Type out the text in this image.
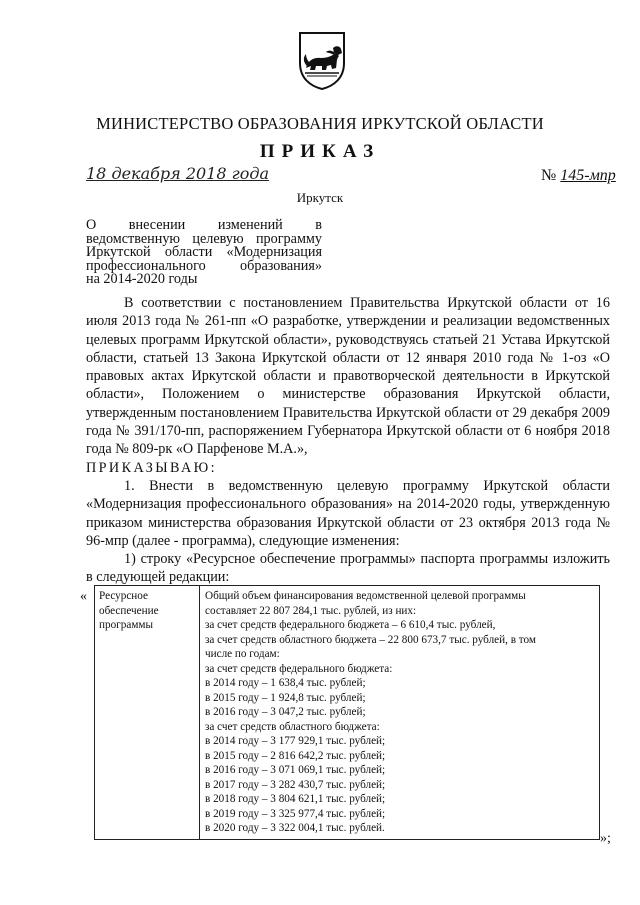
МИНИСТЕРСТВО ОБРАЗОВАНИЯ ИРКУТСКОЙ ОБЛАСТИ
ПРИКАЗ
18 декабря 2018 года	№ 145-мпр
Иркутск
О внесении изменений в
ведомственную целевую программу
Иркутской области «Модернизация
профессионального образования»
на 2014-2020 годы

В соответствии с постановлением Правительства Иркутской области от 16 июля 2013 года № 261-пп «О разработке, утверждении и реализации ведомственных целевых программ Иркутской области», руководствуясь статьей 21 Устава Иркутской области, статьей 13 Закона Иркутской области от 12 января 2010 года № 1-оз «О правовых актах Иркутской области и правотворческой деятельности в Иркутской области», Положением о министерстве образования Иркутской области, утвержденным постановлением Правительства Иркутской области от 29 декабря 2009 года № 391/170-пп, распоряжением Губернатора Иркутской области от 6 ноября 2018 года № 809-рк «О Парфенове М.А.»,

ПРИКАЗЫВАЮ:

1. Внести в ведомственную целевую программу Иркутской области «Модернизация профессионального образования» на 2014-2020 годы, утвержденную приказом министерства образования Иркутской области от 23 октября 2013 года № 96-мпр (далее - программа), следующие изменения:

1) строку «Ресурсное обеспечение программы» паспорта программы изложить в следующей редакции:

« Ресурсное обеспечение программы	
Общий объем финансирования ведомственной целевой программы
составляет 22 807 284,1 тыс. рублей, из них:
за счет средств федерального бюджета – 6 610,4 тыс. рублей,
за счет средств областного бюджета – 22 800 673,7 тыс. рублей, в том
числе по годам:
за счет средств федерального бюджета:
в 2014 году – 1 638,4 тыс. рублей;
в 2015 году – 1 924,8 тыс. рублей;
в 2016 году – 3 047,2 тыс. рублей;
за счет средств областного бюджета:
в 2014 году – 3 177 929,1 тыс. рублей;
в 2015 году – 2 816 642,2 тыс. рублей;
в 2016 году – 3 071 069,1 тыс. рублей;
в 2017 году – 3 282 430,7 тыс. рублей;
в 2018 году – 3 804 621,1 тыс. рублей;
в 2019 году – 3 325 977,4 тыс. рублей;
в 2020 году – 3 322 004,1 тыс. рублей.
»;
